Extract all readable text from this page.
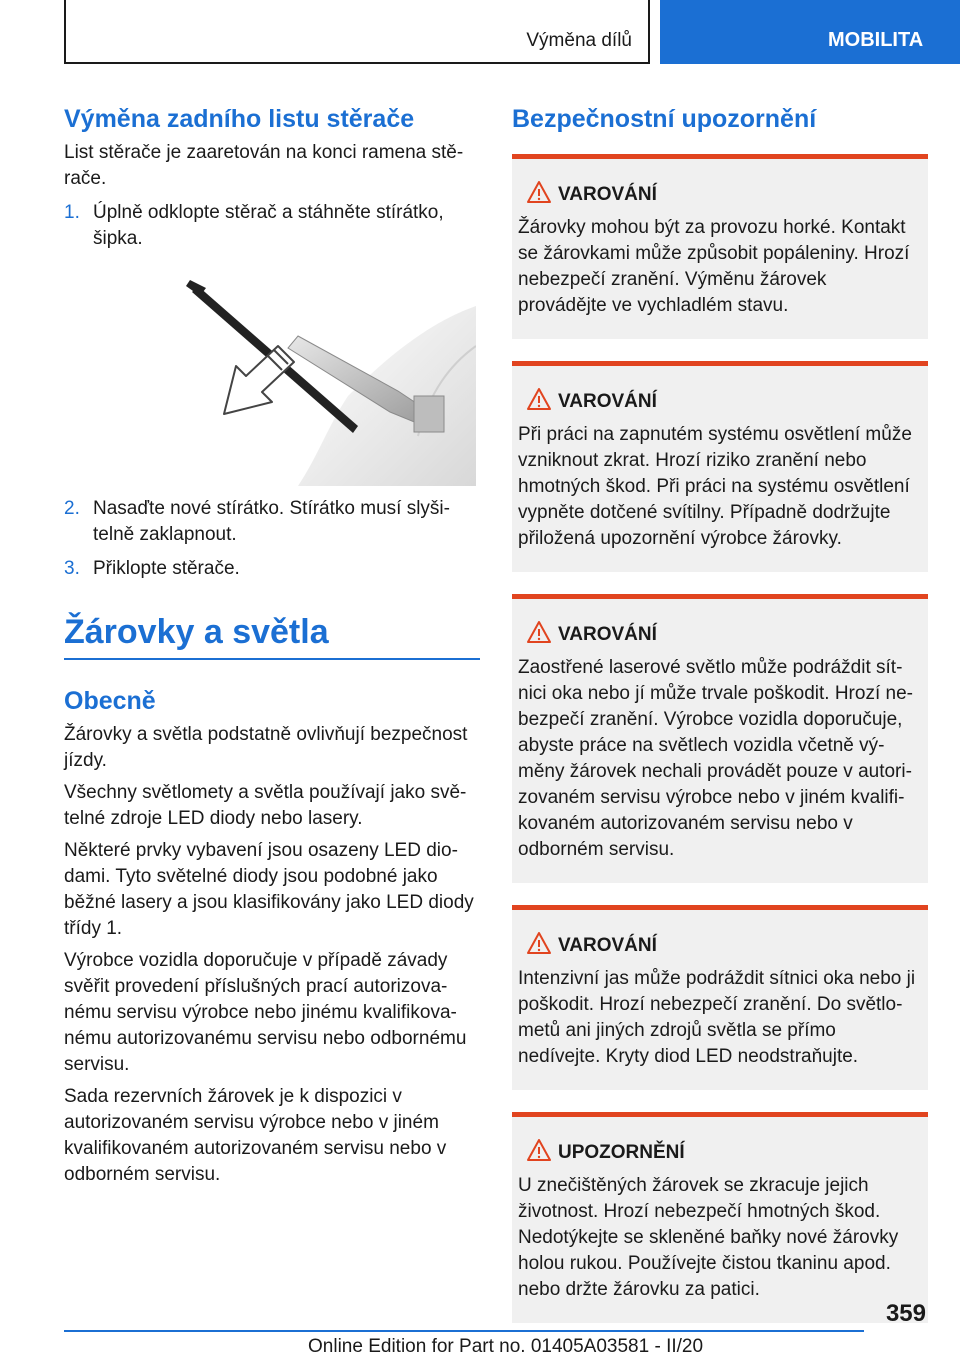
Výměna dílů	MOBILITA
Výměna zadního listu stěrače
List stěrače je zaaretován na konci ramena stěrače.
1. Úplně odklopte stěrač a stáhněte stírátko, šipka.
2. Nasaďte nové stírátko. Stírátko musí slyšitelně zaklapnout.
3. Přiklopte stěrače.
Žárovky a světla
Obecně
Žárovky a světla podstatně ovlivňují bezpečnost jízdy.
Všechny světlomety a světla používají jako světelné zdroje LED diody nebo lasery.
Některé prvky vybavení jsou osazeny LED diodami. Tyto světelné diody jsou podobné jako běžné lasery a jsou klasifikovány jako LED diody třídy 1.
Výrobce vozidla doporučuje v případě závady svěřit provedení příslušných prací autorizovanému servisu výrobce nebo jinému kvalifikovanému autorizovanému servisu nebo odbornému servisu.
Sada rezervních žárovek je k dispozici v autorizovaném servisu výrobce nebo v jiném kvalifikovaném autorizovaném servisu nebo v odborném servisu.
Bezpečnostní upozornění
VAROVÁNÍ
Žárovky mohou být za provozu horké. Kontakt se žárovkami může způsobit popáleniny. Hrozí nebezpečí zranění. Výměnu žárovek provádějte ve vychladlém stavu.
VAROVÁNÍ
Při práci na zapnutém systému osvětlení může vzniknout zkrat. Hrozí riziko zranění nebo hmotných škod. Při práci na systému osvětlení vypněte dotčené svítilny. Případně dodržujte přiložená upozornění výrobce žárovky.
VAROVÁNÍ
Zaostřené laserové světlo může podráždit sítnici oka nebo jí může trvale poškodit. Hrozí nebezpečí zranění. Výrobce vozidla doporučuje, abyste práce na světlech vozidla včetně výměny žárovek nechali provádět pouze v autorizovaném servisu výrobce nebo v jiném kvalifikovaném autorizovaném servisu nebo v odborném servisu.
VAROVÁNÍ
Intenzivní jas může podráždit sítnici oka nebo ji poškodit. Hrozí nebezpečí zranění. Do světlometů ani jiných zdrojů světla se přímo nedívejte. Kryty diod LED neodstraňujte.
UPOZORNĚNÍ
U znečištěných žárovek se zkracuje jejich životnost. Hrozí nebezpečí hmotných škod. Nedotýkejte se skleněné baňky nové žárovky holou rukou. Používejte čistou tkaninu apod. nebo držte žárovku za patici.
359
Online Edition for Part no. 01405A03581 - II/20
